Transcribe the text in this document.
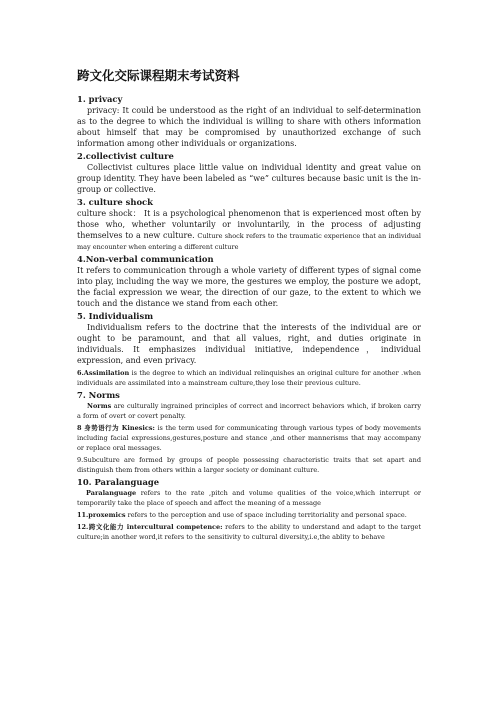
跨文化交际课程期末考试资料
1. privacy
privacy: It could be understood as the right of an individual to self-determination as to the degree to which the individual is willing to share with others information about himself that may be compromised by unauthorized exchange of such information among other individuals or organizations.
2.collectivist culture
Collectivist cultures place little value on individual identity and great value on group identity. They have been labeled as “we” cultures because basic unit is the in-group or collective.
3. culture shock
culture shock： It is a psychological phenomenon that is experienced most often by those who, whether voluntarily or involuntarily, in the process of adjusting themselves to a new culture. Culture shock refers to the traumatic experience that an individual may encounter when entering a different culture
4.Non-verbal communication
It refers to communication through a whole variety of different types of signal come into play, including the way we more, the gestures we employ, the posture we adopt, the facial expression we wear, the direction of our gaze, to the extent to which we touch and the distance we stand from each other.
5. Individualism
Individualism refers to the doctrine that the interests of the individual are or ought to be paramount, and that all values, right, and duties originate in individuals. It emphasizes individual initiative, independence，individual expression, and even privacy.
6.Assimilation is the degree to which an individual relinquishes an original culture for another .when individuals are assimilated into a mainstream culture,they lose their previous culture.
7. Norms
Norms are culturally ingrained principles of correct and incorrect behaviors which, if broken carry a form of overt or covert penalty.
8 身势语行为 Kinesics: is the term used for communicating through various types of body movements including facial expressions,gestures,posture and stance ,and other mannerisms that may accompany or replace oral messages.
9.Subculture are formed by groups of people possessing characteristic traits that set apart and distinguish them from others within a larger society or dominant culture.
10. Paralanguage
Paralanguage refers to the rate ,pitch and volume qualities of the voice,which interrupt or temporarily take the place of speech and affect the meaning of a message
11.proxemics refers to the perception and use of space including territoriality and personal space.
12.跨文化能力 intercultural competence: refers to the ability to understand and adapt to the target culture;in another word,it refers to the sensitivity to cultural diversity,i.e,the ablity to behave
